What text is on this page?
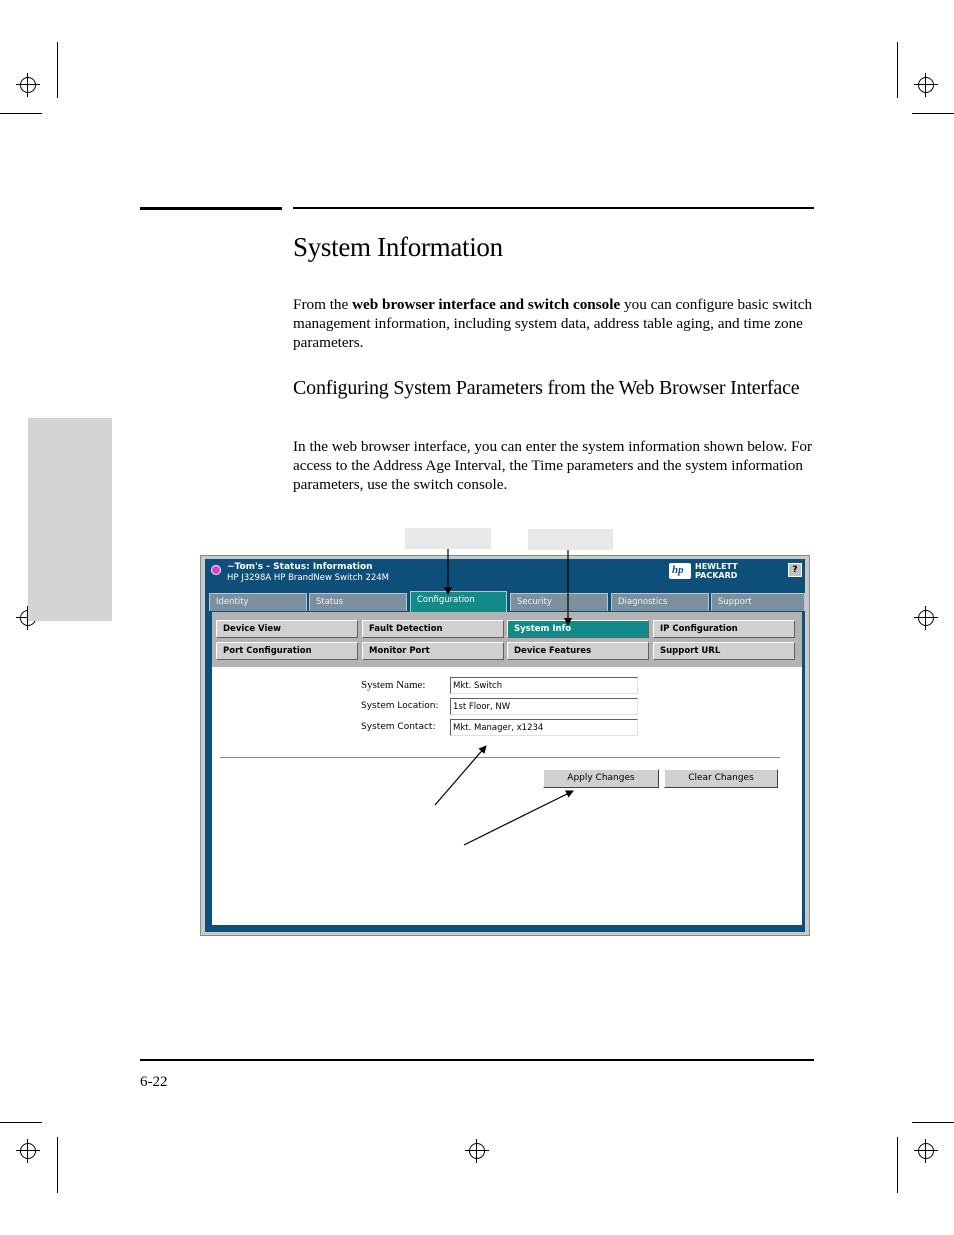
System Information

From the web browser interface and switch console you can configure basic switch management information, including system data, address table aging, and time zone parameters.

Configuring System Parameters from the Web Browser Interface

In the web browser interface, you can enter the system information shown below. For access to the Address Age Interval, the Time parameters and the system information parameters, use the switch console.

~Tom's - Status: Information
HP J3298A HP BrandNew Switch 224M
hp HEWLETT
PACKARD
?
Identity	Status	Configuration	Security	Diagnostics	Support
Device View	Fault Detection	System Info	IP Configuration
Port Configuration	Monitor Port	Device Features	Support URL
System Name:
Mkt. Switch
System Location:
1st Floor, NW
System Contact:
Mkt. Manager, x1234
Apply Changes	Clear Changes
6-22
